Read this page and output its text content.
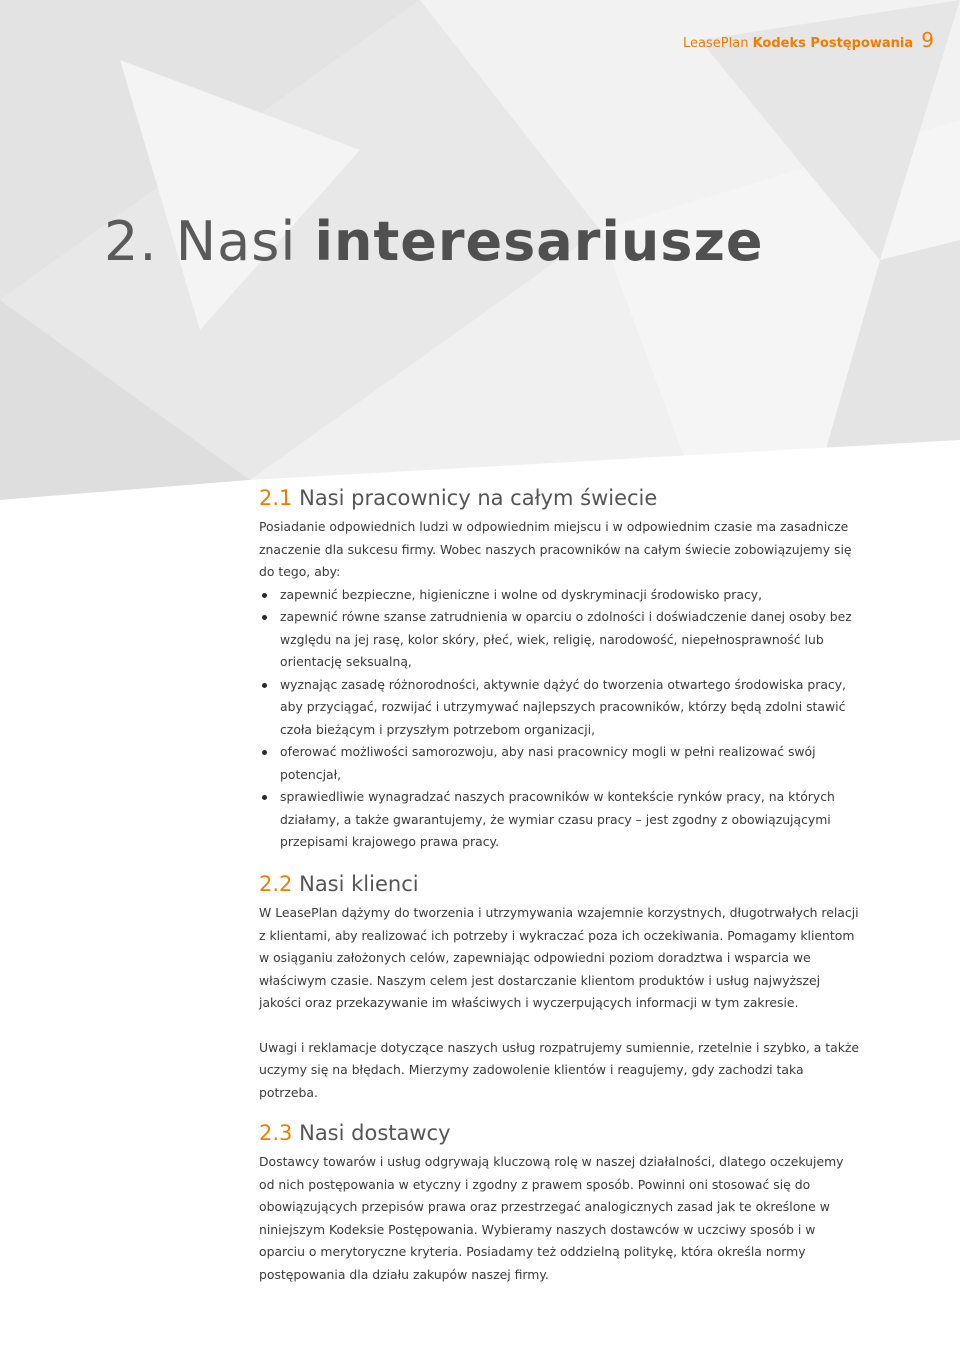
LeasePlan Kodeks Postępowania 9
2. Nasi interesariusze
2.1 Nasi pracownicy na całym świecie

Posiadanie odpowiednich ludzi w odpowiednim miejscu i w odpowiednim czasie ma zasadnicze znaczenie dla sukcesu firmy. Wobec naszych pracowników na całym świecie zobowiązujemy się do tego, aby:

zapewnić bezpieczne, higieniczne i wolne od dyskryminacji środowisko pracy,
zapewnić równe szanse zatrudnienia w oparciu o zdolności i doświadczenie danej osoby bez względu na jej rasę, kolor skóry, płeć, wiek, religię, narodowość, niepełnosprawność lub orientację seksualną,
wyznając zasadę różnorodności, aktywnie dążyć do tworzenia otwartego środowiska pracy, aby przyciągać, rozwijać i utrzymywać najlepszych pracowników, którzy będą zdolni stawić czoła bieżącym i przyszłym potrzebom organizacji,
oferować możliwości samorozwoju, aby nasi pracownicy mogli w pełni realizować swój potencjał,
sprawiedliwie wynagradzać naszych pracowników w kontekście rynków pracy, na których działamy, a także gwarantujemy, że wymiar czasu pracy – jest zgodny z obowiązującymi przepisami krajowego prawa pracy.
2.2 Nasi klienci

W LeasePlan dążymy do tworzenia i utrzymywania wzajemnie korzystnych, długotrwałych relacji z klientami, aby realizować ich potrzeby i wykraczać poza ich oczekiwania. Pomagamy klientom w osiąganiu założonych celów, zapewniając odpowiedni poziom doradztwa i wsparcia we właściwym czasie. Naszym celem jest dostarczanie klientom produktów i usług najwyższej jakości oraz przekazywanie im właściwych i wyczerpujących informacji w tym zakresie.

Uwagi i reklamacje dotyczące naszych usług rozpatrujemy sumiennie, rzetelnie i szybko, a także uczymy się na błędach. Mierzymy zadowolenie klientów i reagujemy, gdy zachodzi taka potrzeba.

2.3 Nasi dostawcy

Dostawcy towarów i usług odgrywają kluczową rolę w naszej działalności, dlatego oczekujemy od nich postępowania w etyczny i zgodny z prawem sposób. Powinni oni stosować się do obowiązujących przepisów prawa oraz przestrzegać analogicznych zasad jak te określone w niniejszym Kodeksie Postępowania. Wybieramy naszych dostawców w uczciwy sposób i w oparciu o merytoryczne kryteria. Posiadamy też oddzielną politykę, która określa normy postępowania dla działu zakupów naszej firmy.
